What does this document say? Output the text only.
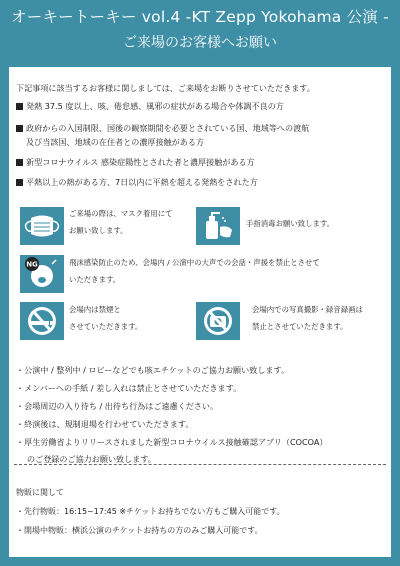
オーキートーキー vol.4 -KT Zepp Yokohama 公演 -
ご来場のお客様へお願い
下記事項に該当するお客様に関しましては、ご来場をお断りさせていただきます。
発熱 37.5 度以上、咳、倦怠感、風邪の症状がある場合や体調不良の方
政府からの入国制限、国後の観察期間を必要とされている国、地域等への渡航
及び当該国、地域の在住者との濃厚接触がある方
新型コロナウイルス 感染症陽性とされた者と濃厚接触がある方
平熱以上の熱がある方、7日以内に平熱を超える発熱をされた方
ご来場の際は、マスク着用にて
お願い致します。
手指消毒お願い致します。
NG	飛沫感染防止のため、会場内 / 公演中の大声での会話・声援を禁止とさせて
いただきます。
会場内は禁煙と
させていただきます。
会場内での写真撮影・録音録画は
禁止とさせていただきます。
・公演中 / 整列中 / ロビーなどでも咳エチケットのご協力お願い致します。
・メンバーへの手紙 / 差し入れは禁止とさせていただきます。
・会場周辺の入り待ち / 出待ち行為はご遠慮ください。
・終演後は、規制退場を行わせていただきます。
・厚生労働省よりリリースされました新型コロナウイルス接触確認アプリ（COCOA）
のご登録のご協力お願い致します。
物販に関して
・先行物販：16:15~17:45 ※チケットお持ちでない方もご購入可能です。
・開場中物販：横浜公演のチケットお持ちの方のみご購入可能です。
